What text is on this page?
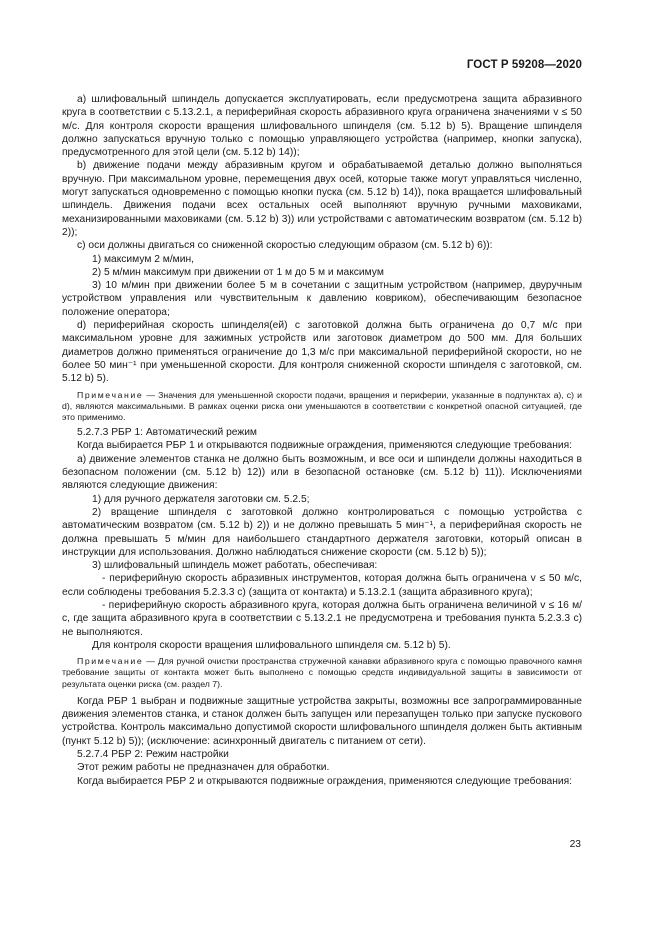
ГОСТ Р 59208—2020

а) шлифовальный шпиндель допускается эксплуатировать, если предусмотрена защита абразивного круга в соответствии с 5.13.2.1, а периферийная скорость абразивного круга ограничена значениями v ≤ 50 м/с. Для контроля скорости вращения шлифовального шпинделя (см. 5.12 b) 5). Вращение шпинделя должно запускаться вручную только с помощью управляющего устройства (например, кнопки запуска), предусмотренного для этой цели (см. 5.12 b) 14));

b) движение подачи между абразивным кругом и обрабатываемой деталью должно выполняться вручную. При максимальном уровне, перемещения двух осей, которые также могут управляться численно, могут запускаться одновременно с помощью кнопки пуска (см. 5.12 b) 14)), пока вращается шлифовальный шпиндель. Движения подачи всех остальных осей выполняют вручную ручными маховиками, механизированными маховиками (см. 5.12 b) 3)) или устройствами с автоматическим возвратом (см. 5.12 b) 2));

c) оси должны двигаться со сниженной скоростью следующим образом (см. 5.12 b) 6)):

1) максимум 2 м/мин,

2) 5 м/мин максимум при движении от 1 м до 5 м и максимум

3) 10 м/мин при движении более 5 м в сочетании с защитным устройством (например, двуручным устройством управления или чувствительным к давлению ковриком), обеспечивающим безопасное положение оператора;

d) периферийная скорость шпинделя(ей) с заготовкой должна быть ограничена до 0,7 м/с при максимальном уровне для зажимных устройств или заготовок диаметром до 500 мм. Для больших диаметров должно применяться ограничение до 1,3 м/с при максимальной периферийной скорости, но не более 50 мин⁻¹ при уменьшенной скорости. Для контроля сниженной скорости шпинделя с заготовкой, см. 5.12 b) 5).

Примечание — Значения для уменьшенной скорости подачи, вращения и периферии, указанные в подпунктах а), с) и d), являются максимальными. В рамках оценки риска они уменьшаются в соответствии с конкретной опасной ситуацией, где это применимо.

5.2.7.3 РБР 1: Автоматический режим

Когда выбирается РБР 1 и открываются подвижные ограждения, применяются следующие требования:

а) движение элементов станка не должно быть возможным, и все оси и шпиндели должны находиться в безопасном положении (см. 5.12 b) 12)) или в безопасной остановке (см. 5.12 b) 11)). Исключениями являются следующие движения:

1) для ручного держателя заготовки см. 5.2.5;

2) вращение шпинделя с заготовкой должно контролироваться с помощью устройства с автоматическим возвратом (см. 5.12 b) 2)) и не должно превышать 5 мин⁻¹, а периферийная скорость не должна превышать 5 м/мин для наибольшего стандартного держателя заготовки, который описан в инструкции для использования. Должно наблюдаться снижение скорости (см. 5.12 b) 5));

3) шлифовальный шпиндель может работать, обеспечивая:

- периферийную скорость абразивных инструментов, которая должна быть ограничена v ≤ 50 м/с, если соблюдены требования 5.2.3.3 с) (защита от контакта) и 5.13.2.1 (защита абразивного круга);

- периферийную скорость абразивного круга, которая должна быть ограничена величиной v ≤ 16 м/с, где защита абразивного круга в соответствии с 5.13.2.1 не предусмотрена и требования пункта 5.2.3.3 с) не выполняются.

Для контроля скорости вращения шлифовального шпинделя см. 5.12 b) 5).

Примечание — Для ручной очистки пространства стружечной канавки абразивного круга с помощью правочного камня требование защиты от контакта может быть выполнено с помощью средств индивидуальной защиты в зависимости от результата оценки риска (см. раздел 7).

Когда РБР 1 выбран и подвижные защитные устройства закрыты, возможны все запрограммированные движения элементов станка, и станок должен быть запущен или перезапущен только при запуске пускового устройства. Контроль максимально допустимой скорости шлифовального шпинделя должен быть активным (пункт 5.12 b) 5)); (исключение: асинхронный двигатель с питанием от сети).

5.2.7.4 РБР 2: Режим настройки

Этот режим работы не предназначен для обработки.

Когда выбирается РБР 2 и открываются подвижные ограждения, применяются следующие требования:

23
